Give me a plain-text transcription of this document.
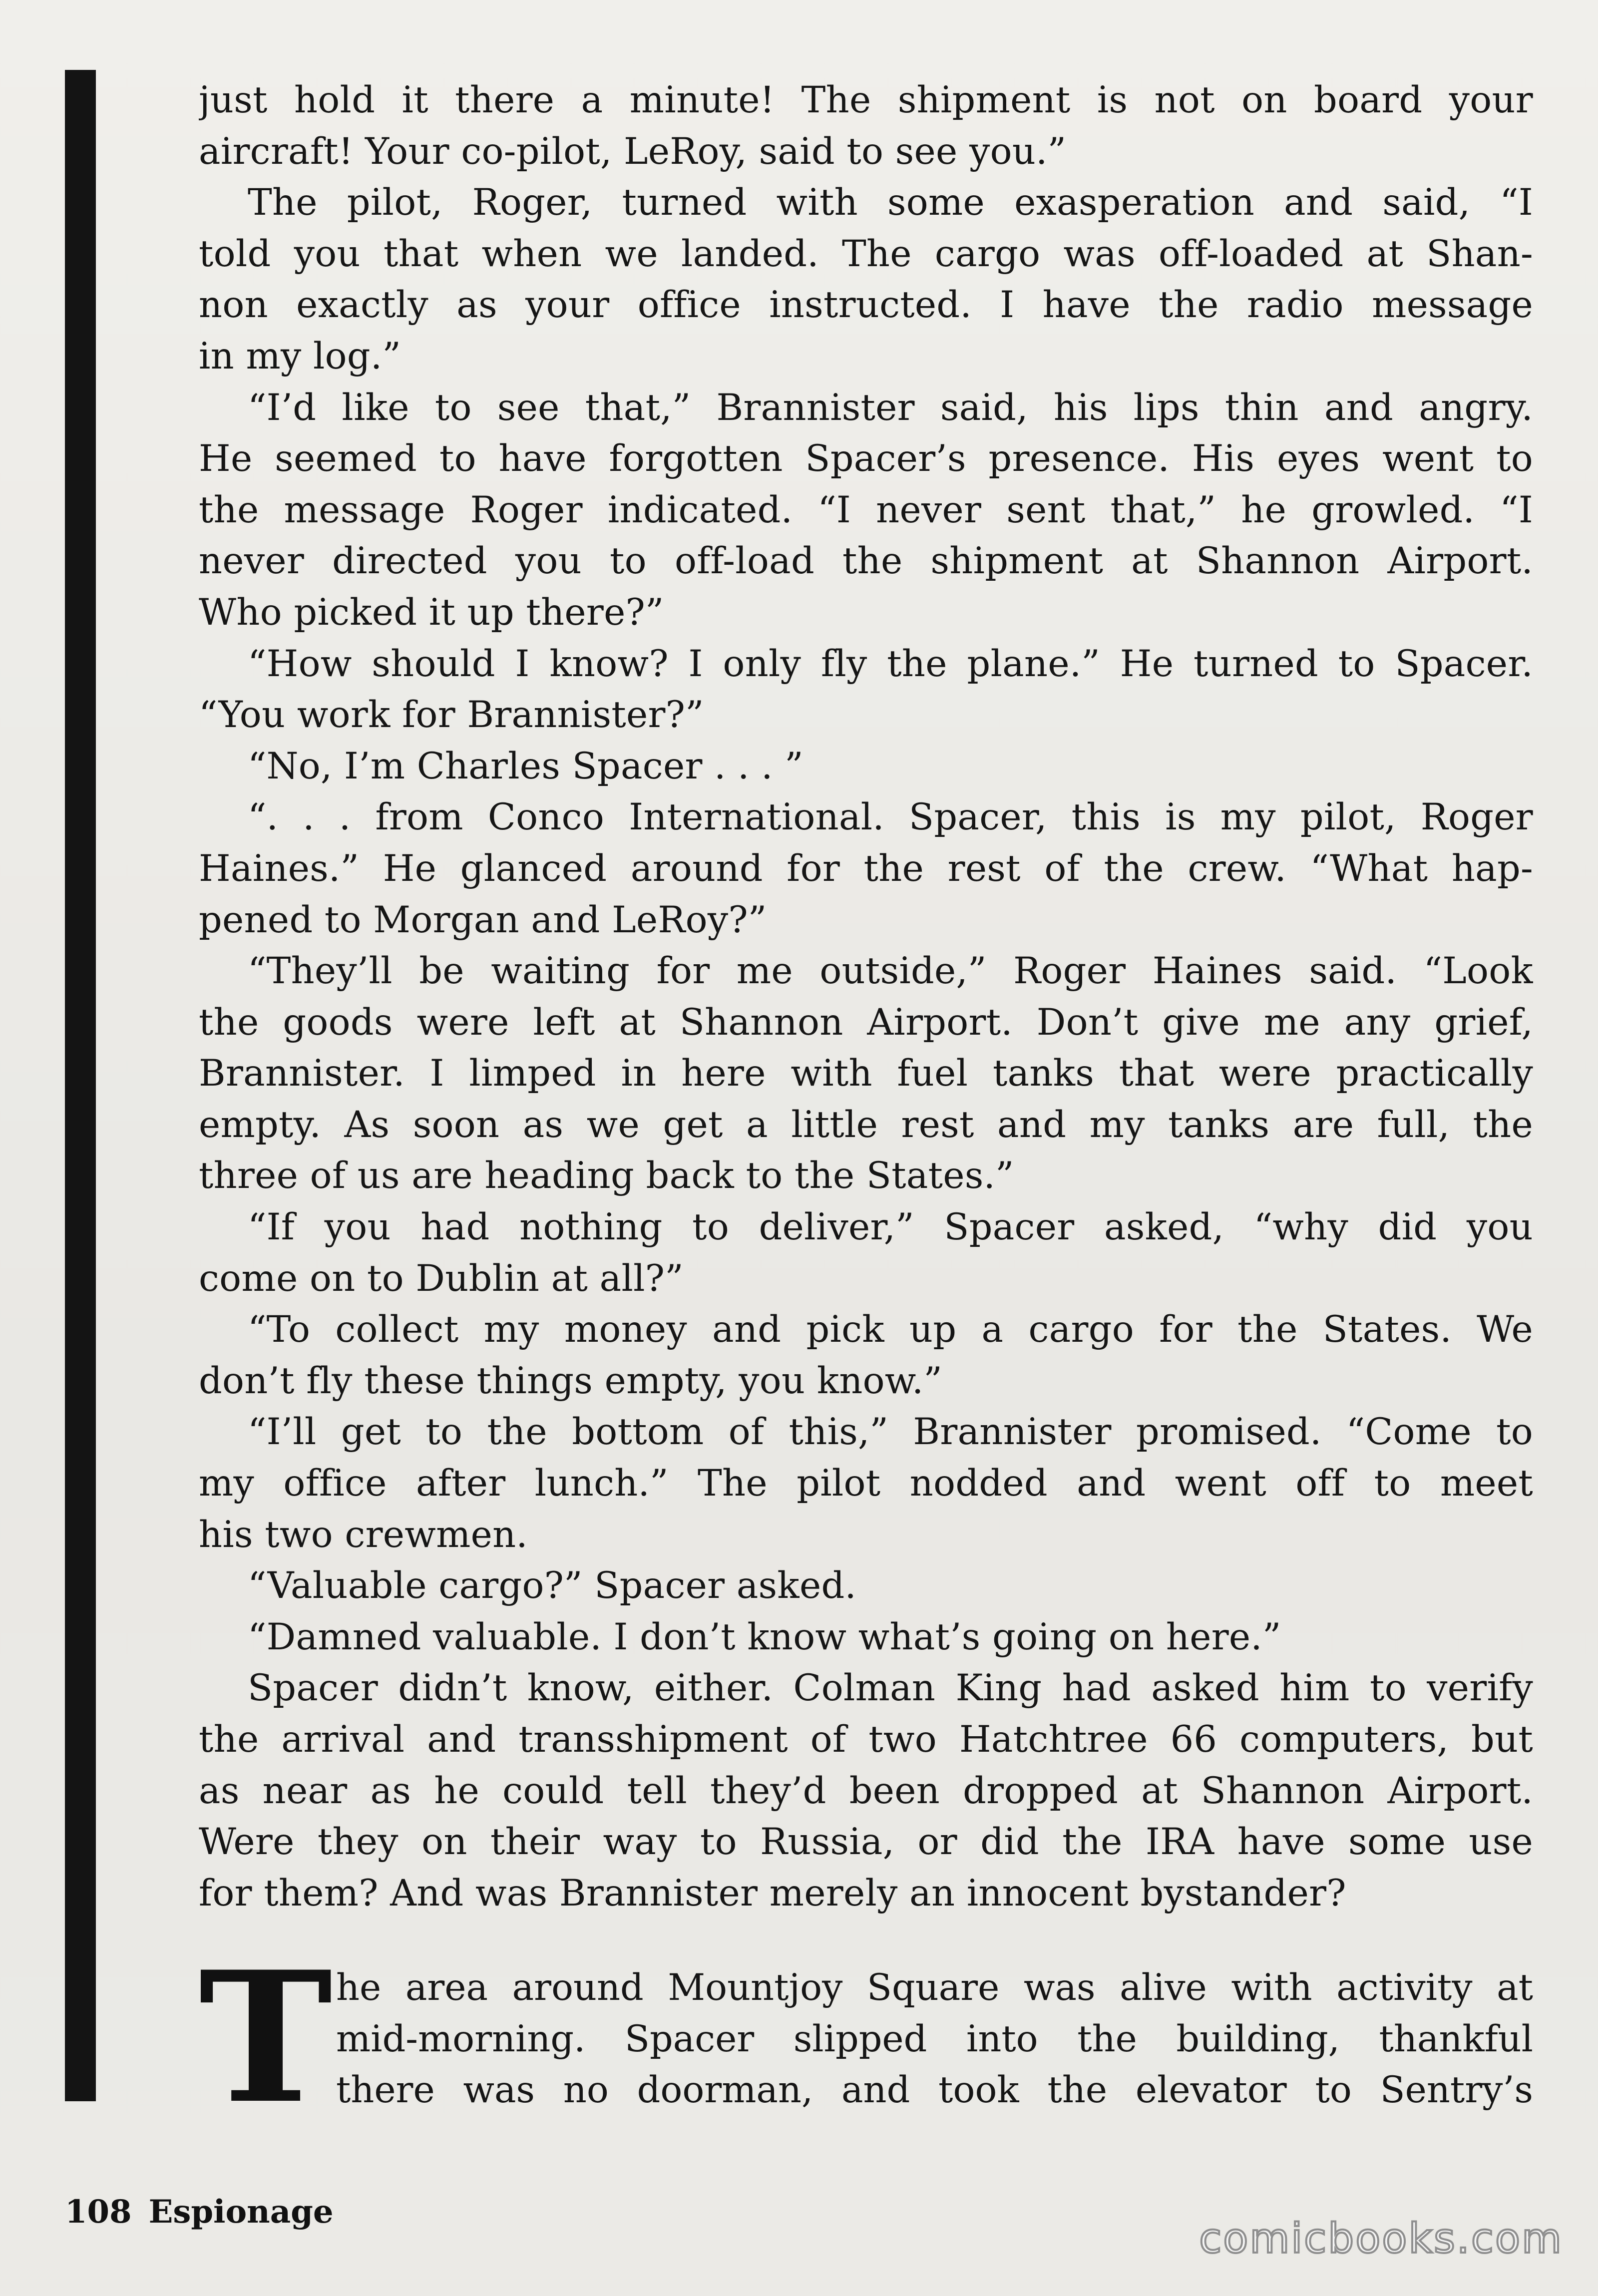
just hold it there a minute! The shipment is not on board your
aircraft! Your co-pilot, LeRoy, said to see you.”
The pilot, Roger, turned with some exasperation and said, “I
told you that when we landed. The cargo was off-loaded at Shan-
non exactly as your office instructed. I have the radio message
in my log.”
“I’d like to see that,” Brannister said, his lips thin and angry.
He seemed to have forgotten Spacer’s presence. His eyes went to
the message Roger indicated. “I never sent that,” he growled. “I
never directed you to off-load the shipment at Shannon Airport.
Who picked it up there?”
“How should I know? I only fly the plane.” He turned to Spacer.
“You work for Brannister?”
“No, I’m Charles Spacer . . . ”
“. . . from Conco International. Spacer, this is my pilot, Roger
Haines.” He glanced around for the rest of the crew. “What hap-
pened to Morgan and LeRoy?”
“They’ll be waiting for me outside,” Roger Haines said. “Look
the goods were left at Shannon Airport. Don’t give me any grief,
Brannister. I limped in here with fuel tanks that were practically
empty. As soon as we get a little rest and my tanks are full, the
three of us are heading back to the States.”
“If you had nothing to deliver,” Spacer asked, “why did you
come on to Dublin at all?”
“To collect my money and pick up a cargo for the States. We
don’t fly these things empty, you know.”
“I’ll get to the bottom of this,” Brannister promised. “Come to
my office after lunch.” The pilot nodded and went off to meet
his two crewmen.
“Valuable cargo?” Spacer asked.
“Damned valuable. I don’t know what’s going on here.”
Spacer didn’t know, either. Colman King had asked him to verify
the arrival and transshipment of two Hatchtree 66 computers, but
as near as he could tell they’d been dropped at Shannon Airport.
Were they on their way to Russia, or did the IRA have some use
for them? And was Brannister merely an innocent bystander?
T he area around Mountjoy Square was alive with activity at
mid-morning. Spacer slipped into the building, thankful
there was no doorman, and took the elevator to Sentry’s
108 Espionage
comicbooks.com
